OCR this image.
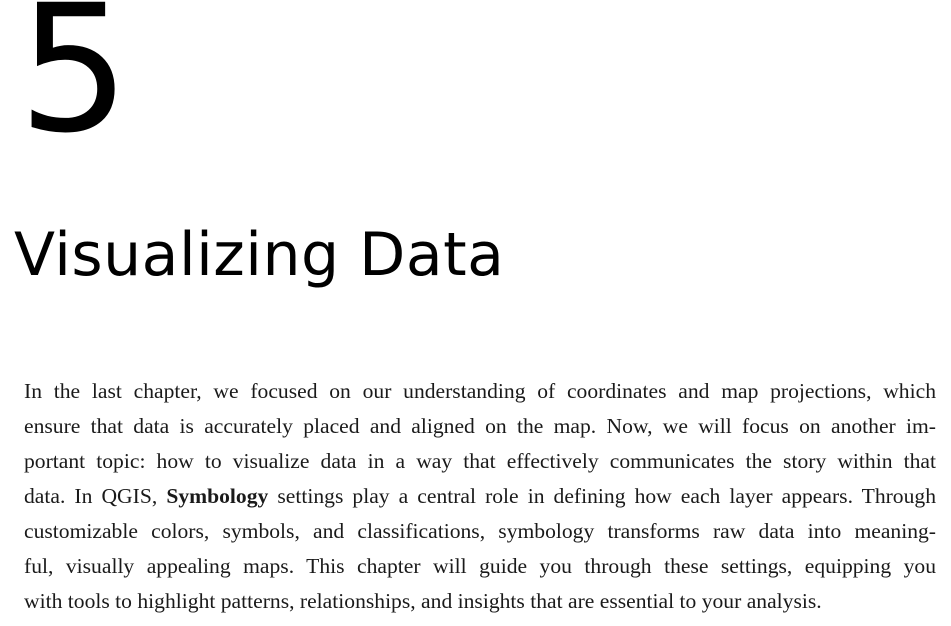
5
Visualizing Data
In the last chapter, we focused on our understanding of coordinates and map projections, which
ensure that data is accurately placed and aligned on the map. Now, we will focus on another im-
portant topic: how to visualize data in a way that effectively communicates the story within that
data. In QGIS, Symbology settings play a central role in defining how each layer appears. Through
customizable colors, symbols, and classifications, symbology transforms raw data into meaning-
ful, visually appealing maps. This chapter will guide you through these settings, equipping you
with tools to highlight patterns, relationships, and insights that are essential to your analysis.
